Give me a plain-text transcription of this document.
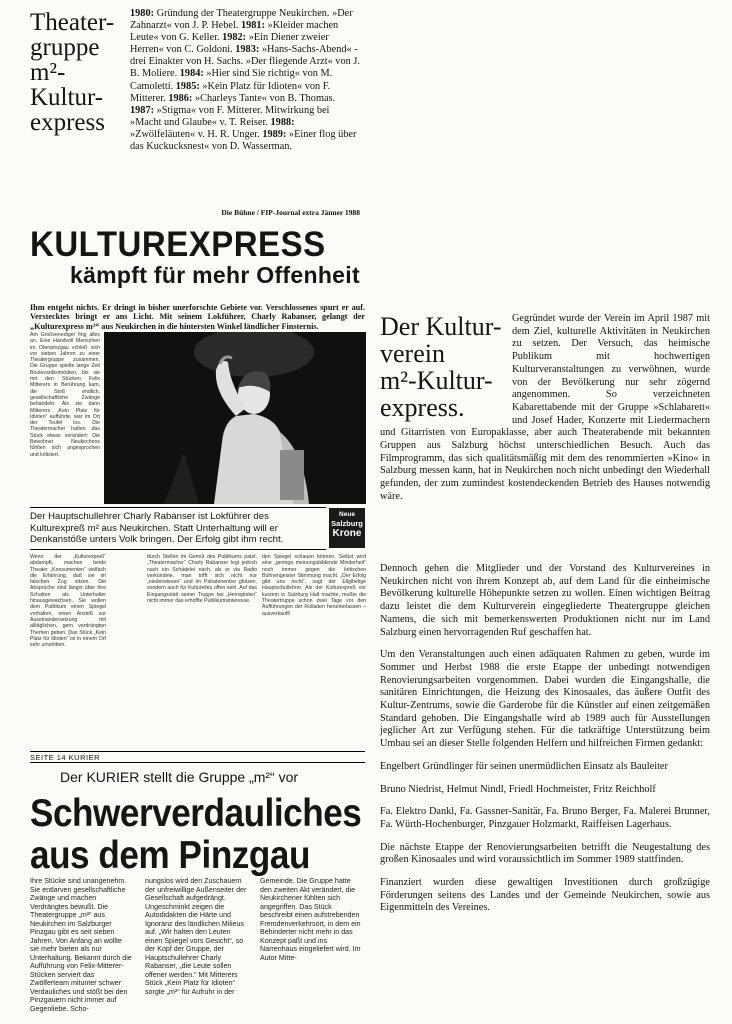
Theater-
gruppe
m²-
Kultur-
express
1980: Gründung der Theatergruppe Neukirchen. »Der Zahnarzt« von J. P. Hebel. 1981: »Kleider machen Leute« von G. Keller. 1982: »Ein Diener zweier Herren« von C. Goldoni. 1983: »Hans-Sachs-Abend« - drei Einakter von H. Sachs. »Der fliegende Arzt« von J. B. Moliere. 1984: »Hier sind Sie richtig« von M. Camoletti. 1985: »Kein Platz für Idioten« von F. Mitterer. 1986: »Charleys Tante« von B. Thomas. 1987: »Stigma« von F. Mitterer. Mitwirkung bei »Macht und Glaube« v. T. Reiser. 1988: »Zwölfeläuten« v. H. R. Unger. 1989: »Einer flog über das Kuckucksnest« von D. Wasserman.
Die Bühne / FIP-Journal extra Jänner 1988
KULTUREXPRESS
kämpft für mehr Offenheit
Ihm entgeht nichts. Er dringt in bisher unerforschte Gebiete vor. Verschlossenes spurt er auf. Verstecktes bringt er ans Licht. Mit seinem Lokführer, Charly Rabanser, gelangt der „Kulturexpress m²“ aus Neukirchen in die hintersten Winkel ländlicher Finsternis.
Am Großvenediger fing alles an. Eine Handvoll Menschen im Oberpinzgau schloß sich vor sieben Jahren zu einer Theatergruppe zusammen. Die Gruppe spielte lange Zeit Boulevardkomödien, bis sie mit den Stücken Felix Mitterers in Berührung kam, die Stoß endlich, gesellschaftliche Zwänge behandeln. Als sie dann Mitterers „Kein Platz für Idioten“ aufführte, war im Ort der Teufel los. Die Theatermacher hatten das Stück etwas verändert: Die Bewohner Neukirchens fühlten sich angesprochen und kritisiert.
Der Hauptschullehrer Charly Rabanser ist Lokführer des Kulturexpreß m² aus Neukirchen. Statt Unterhaltung will er Denkanstöße unters Volk bringen. Der Erfolg gibt ihm recht.
Neue
Salzburg
Krone
Wenn der „Kulturexpreß“ abdampft, machen beide Theater „Konsumenten“ vielfach die Erfahrung, daß sie im falschen Zug sitzen. Die Ansprüche sind längst über ihre Schatten als Unterhalter hinausgewachsen. Sie wollen dem Publikum einen Spiegel vorhalten, einen Anstoß zur Auseinandersetzung mit alltäglichen, gern verdrängten Themen geben. Das Stück „Kein Platz für Idioten“ ist in einem Ort sehr umstritten.
durch Stellen im Gemüt des Publikums patzt. „Theatermacher“ Charly Rabanser legt jedoch nach ein Schädelei nach, als er via Radio verkündete, man trifft sich nicht nur „niederwiesen“ und im Pahatenentso glotzen, sondern auch für Kulturelles offen sein. Auf das Eingangsstatt seiner Truppe bei „Hemspielen“ nicht immer das erhoffte Publikumsinteresse.
den Spiegel schauen können. Selbst wird eine „geringe meinungsbildende Minderheit“ noch immer gegen die kritischen Bühnengeister Stimmung macht. „Der Erfolg gibt uns recht“, sagt der Ellgibelige Hauptschullehrer. Als der Kulturexpreß vor kurzem in Salzburg Halt machte, mußte die Theatertruppe schon zwei Tage vor den Aufführungen der Rolladen herunterlassen – ausverkauft!
SEITE 14 KURIER
Der KURIER stellt die Gruppe „m²“ vor
Schwerverdauliches
aus dem Pinzgau
Ihre Stücke sind unangenehm. Sie entlarven gesellschaftliche Zwänge und machen Verdrängtes bewußt. Die Theatergruppe „m²“ aus Neukirchen im Salzburger Pinzgau gibt es seit sieben Jahren. Von Anfang an wollte sie mehr bieten als nur Unterhaltung. Bekannt durch die Aufführung von Felix-Mitterer-Stücken serviert das Zwölferteam mitunter schwer Verdauliches und stößt bei den Pinzgauern nicht immer auf Gegenliebe. Scho-
nungslos wird den Zuschauern der unfreiwillige Außenseiter der Gesellschaft aufgedrängt. Ungeschminkt zeigen die Autodidakten die Härte und Ignoranz des ländlichen Milieus auf. „Wir halten den Leuten einen Spiegel vors Gesicht“, so der Kopf der Gruppe, der Hauptschullehrer Charly Rabanser, „die Leute sollen offener werden.“ Mit Mitterers Stück „Kein Platz für Idioten“ sorgte „m²“ für Aufruhr in der
Gemeinde. Die Gruppe hatte den zweiten Akt verändert, die Neukirchener fühlten sich angegriffen. Das Stück beschreibt einen aufstrebenden Fremdenverkehrsort, in dem ein Behinderter nicht mehr in das Konzept paßt und ins Narrenhaus eingeliefert wird. Im Autor Mitte-
Der Kultur-
verein
m²-Kultur-
express.
Gegründet wurde der Verein im April 1987 mit dem Ziel, kulturelle Aktivitäten in Neukirchen zu setzen. Der Versuch, das heimische Publikum mit hochwertigen Kulturveranstaltungen zu verwöhnen, wurde von der Bevölkerung nur sehr zögernd angenommen. So verzeichneten Kabarettabende mit der Gruppe »Schlabarett« und Josef Hader, Konzerte mit Liedermachern und Gitarristen von Europaklasse, aber auch Theaterabende mit bekannten Gruppen aus Salzburg höchst unterschiedlichen Besuch. Auch das Filmprogramm, das sich qualitätsmäßig mit dem des renommierten »Kino« in Salzburg messen kann, hat in Neukirchen noch nicht unbedingt den Wiederhall gefunden, der zum zumindest kostendeckenden Betrieb des Hauses notwendig wäre.

Dennoch gehen die Mitglieder und der Vorstand des Kulturvereines in Neukirchen nicht von ihrem Konzept ab, auf dem Land für die einheimische Bevölkerung kulturelle Höhepunkte setzen zu wollen. Einen wichtigen Beitrag dazu leistet die dem Kulturverein eingegliederte Theatergruppe gleichen Namens, die sich mit bemerkenswerten Produktionen nicht nur im Land Salzburg einen hervorragenden Ruf geschaffen hat.

Um den Veranstaltungen auch einen adäquaten Rahmen zu geben, wurde im Sommer und Herbst 1988 die erste Etappe der unbedingt notwendigen Renovierungsarbeiten vorgenommen. Dabei wurden die Eingangshalle, die sanitären Einrichtungen, die Heizung des Kinosaales, das äußere Outfit des Kultur-Zentrums, sowie die Garderobe für die Künstler auf einen zeitgemäßen Standard gehoben. Die Eingangshalle wird ab 1989 auch für Ausstellungen jeglicher Art zur Verfügung stehen. Für die tatkräftige Unterstützung beim Umbau sei an dieser Stelle folgenden Helfern und hilfreichen Firmen gedankt:

Engelbert Gründlinger für seinen unermüdlichen Einsatz als Bauleiter

Bruno Niedrist, Helmut Nindl, Friedl Hochmeister, Fritz Reichholf

Fa. Elektro Dankl, Fa. Gassner-Sanitär, Fa. Bruno Berger, Fa. Malerei Brunner, Fa. Würth-Hochenburger, Pinzgauer Holzmarkt, Raiffeisen Lagerhaus.

Die nächste Etappe der Renovierungsarbeiten betrifft die Neugestaltung des großen Kinosaales und wird voraussichtlich im Sommer 1989 stattfinden.

Finanziert wurden diese gewaltigen Investitionen durch großzügige Förderungen seitens des Landes und der Gemeinde Neukirchen, sowie aus Eigenmitteln des Vereines.
